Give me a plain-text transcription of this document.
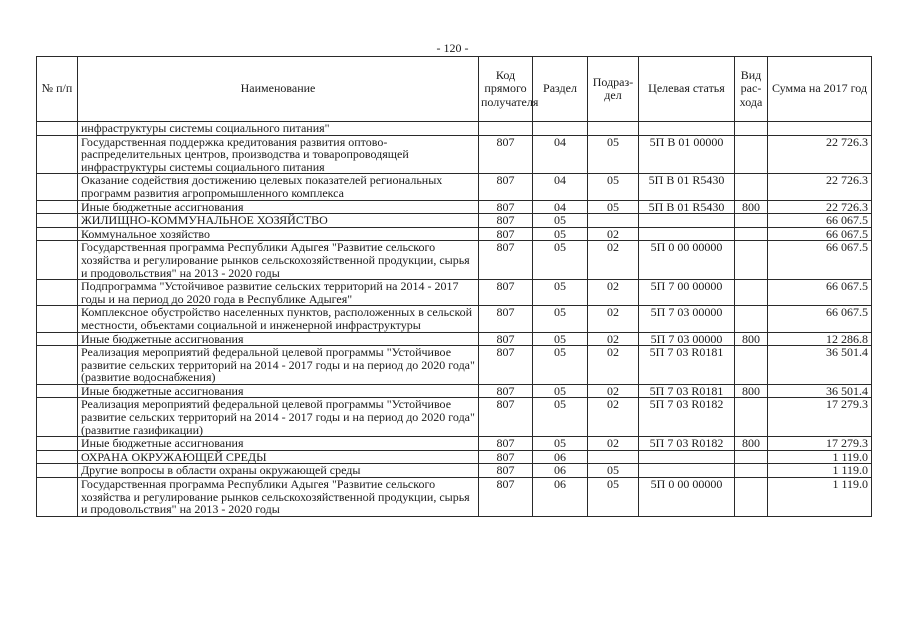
- 120 -
№ п/п	Наименование	Код прямого получателя	Раздел	Подраз-дел	Целевая статья	Вид рас-хода	Сумма на 2017 год
	инфраструктуры системы социального питания"						
	Государственная поддержка кредитования развития оптово-распределительных центров, производства и товаропроводящей инфраструктуры системы социального питания	807	04	05	5П В 01 00000		22 726.3
	Оказание содействия достижению целевых показателей региональных программ развития агропромышленного комплекса	807	04	05	5П В 01 R5430		22 726.3
	Иные бюджетные ассигнования	807	04	05	5П В 01 R5430	800	22 726.3
	ЖИЛИЩНО-КОММУНАЛЬНОЕ ХОЗЯЙСТВО	807	05				66 067.5
	Коммунальное хозяйство	807	05	02			66 067.5
	Государственная программа Республики Адыгея "Развитие сельского хозяйства и регулирование рынков сельскохозяйственной продукции, сырья и продовольствия" на 2013 - 2020 годы	807	05	02	5П 0 00 00000		66 067.5
	Подпрограмма "Устойчивое развитие сельских территорий на 2014 - 2017 годы и на период до 2020 года в Республике Адыгея"	807	05	02	5П 7 00 00000		66 067.5
	Комплексное обустройство населенных пунктов, расположенных в сельской местности, объектами социальной и инженерной инфраструктуры	807	05	02	5П 7 03 00000		66 067.5
	Иные бюджетные ассигнования	807	05	02	5П 7 03 00000	800	12 286.8
	Реализация мероприятий федеральной целевой программы "Устойчивое развитие сельских территорий на 2014 - 2017 годы и на период до 2020 года" (развитие водоснабжения)	807	05	02	5П 7 03 R0181		36 501.4
	Иные бюджетные ассигнования	807	05	02	5П 7 03 R0181	800	36 501.4
	Реализация мероприятий федеральной целевой программы "Устойчивое развитие сельских территорий на 2014 - 2017 годы и на период до 2020 года" (развитие газификации)	807	05	02	5П 7 03 R0182		17 279.3
	Иные бюджетные ассигнования	807	05	02	5П 7 03 R0182	800	17 279.3
	ОХРАНА ОКРУЖАЮЩЕЙ СРЕДЫ	807	06				1 119.0
	Другие вопросы в области охраны окружающей среды	807	06	05			1 119.0
	Государственная программа Республики Адыгея "Развитие сельского хозяйства и регулирование рынков сельскохозяйственной продукции, сырья и продовольствия" на 2013 - 2020 годы	807	06	05	5П 0 00 00000		1 119.0
